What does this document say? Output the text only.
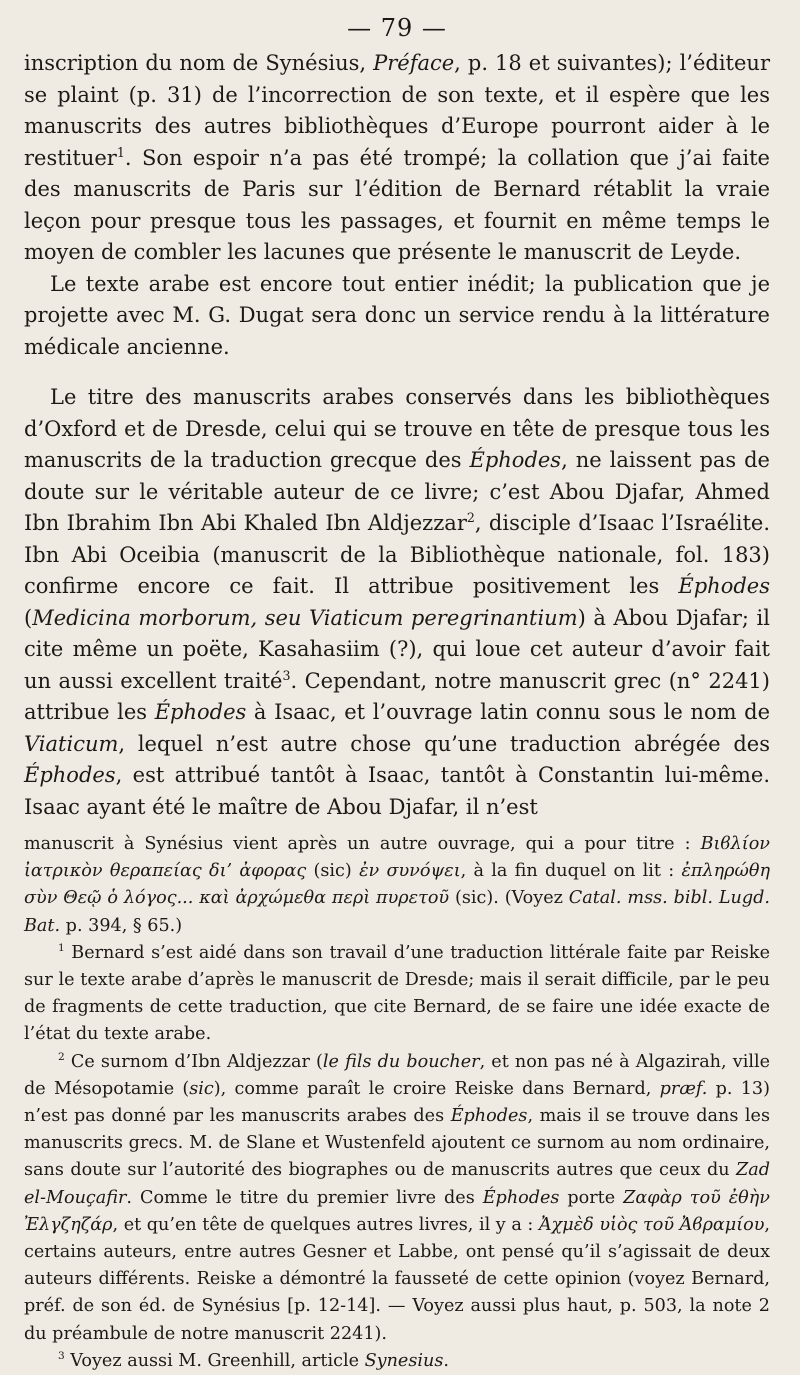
— 79 —

inscription du nom de Synésius, Préface, p. 18 et suivantes); l’éditeur se plaint (p. 31) de l’incorrection de son texte, et il espère que les manuscrits des autres bibliothèques d’Europe pourront aider à le restituer$^1$. Son espoir n’a pas été trompé; la collation que j’ai faite des manuscrits de Paris sur l’édition de Bernard rétablit la vraie leçon pour presque tous les passages, et fournit en même temps le moyen de combler les lacunes que présente le manuscrit de Leyde.

Le texte arabe est encore tout entier inédit; la publication que je projette avec M. G. Dugat sera donc un service rendu à la littérature médicale ancienne.

Le titre des manuscrits arabes conservés dans les bibliothèques d’Oxford et de Dresde, celui qui se trouve en tête de presque tous les manuscrits de la traduction grecque des Éphodes, ne laissent pas de doute sur le véritable auteur de ce livre; c’est Abou Djafar, Ahmed Ibn Ibrahim Ibn Abi Khaled Ibn Aldjezzar$^2$, disciple d’Isaac l’Israélite. Ibn Abi Oceibia (manuscrit de la Bibliothèque nationale, fol. 183) confirme encore ce fait. Il attribue positivement les Éphodes (Medicina morborum, seu Viaticum peregrinantium) à Abou Djafar; il cite même un poëte, Kasahasiim (?), qui loue cet auteur d’avoir fait un aussi excellent traité$^3$. Cependant, notre manuscrit grec (n° 2241) attribue les Éphodes à Isaac, et l’ouvrage latin connu sous le nom de Viaticum, lequel n’est autre chose qu’une traduction abrégée des Éphodes, est attribué tantôt à Isaac, tantôt à Constantin lui-même. Isaac ayant été le maître de Abou Djafar, il n’est

manuscrit à Synésius vient après un autre ouvrage, qui a pour titre : Βιϐλίον ἰατρικὸν θεραπείας δι’ ἀφορας (sic) ἐν συνόψει, à la fin duquel on lit : ἐπληρώθη σὺν Θεῷ ὁ λόγος... καὶ ἀρχώμεθα περὶ πυρετοῦ (sic). (Voyez Catal. mss. bibl. Lugd. Bat. p. 394, § 65.)

$^1$ Bernard s’est aidé dans son travail d’une traduction littérale faite par Reiske sur le texte arabe d’après le manuscrit de Dresde; mais il serait difficile, par le peu de fragments de cette traduction, que cite Bernard, de se faire une idée exacte de l’état du texte arabe.

$^2$ Ce surnom d’Ibn Aldjezzar (le fils du boucher, et non pas né à Algazirah, ville de Mésopotamie (sic), comme paraît le croire Reiske dans Bernard, præf. p. 13) n’est pas donné par les manuscrits arabes des Éphodes, mais il se trouve dans les manuscrits grecs. M. de Slane et Wustenfeld ajoutent ce surnom au nom ordinaire, sans doute sur l’autorité des biographes ou de manuscrits autres que ceux du Zad el-Mouçafir. Comme le titre du premier livre des Éphodes porte Ζαφὰρ τοῦ ἐθὴν Ἐλγζηζάρ, et qu’en tête de quelques autres livres, il y a : Ἀχμὲδ υἱὸς τοῦ Ἀϐραμίου, certains auteurs, entre autres Gesner et Labbe, ont pensé qu’il s’agissait de deux auteurs différents. Reiske a démontré la fausseté de cette opinion (voyez Bernard, préf. de son éd. de Synésius [p. 12-14]. — Voyez aussi plus haut, p. 503, la note 2 du préambule de notre manuscrit 2241).

$^3$ Voyez aussi M. Greenhill, article Synesius.
